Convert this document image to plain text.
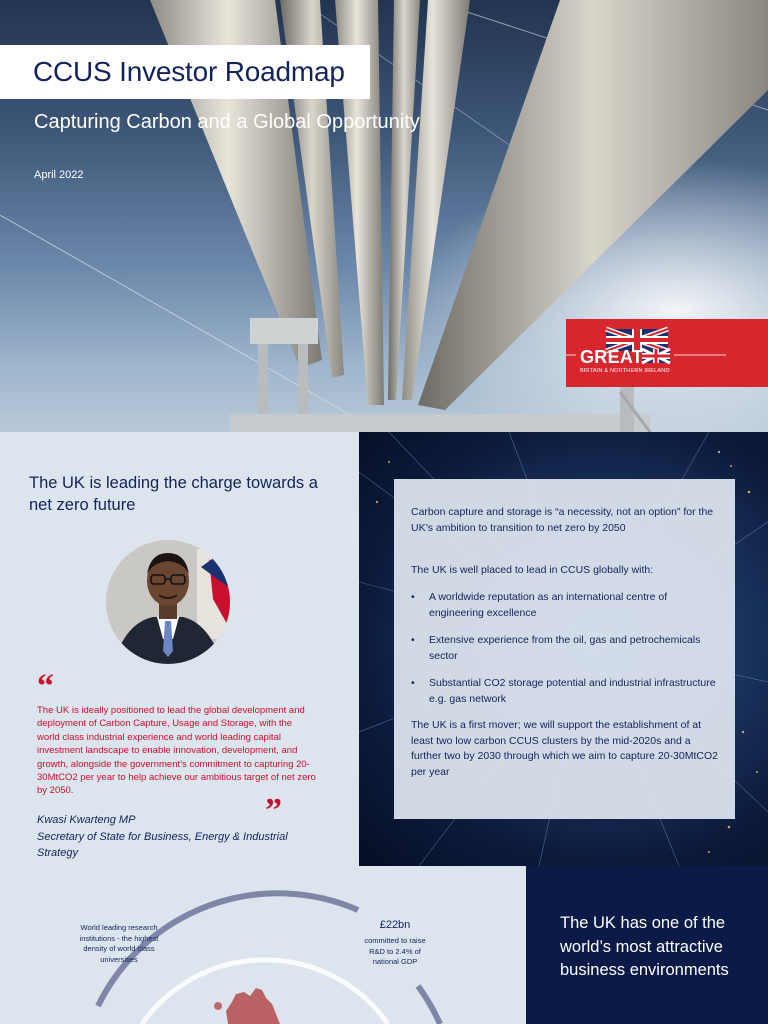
CCUS Investor Roadmap
Capturing Carbon and a Global Opportunity
April 2022
GREAT
BRITAIN & NORTHERN IRELAND
The UK is leading the charge towards a net zero future
“
The UK is ideally positioned to lead the global development and deployment of Carbon Capture, Usage and Storage, with the world class industrial experience and world leading capital investment landscape to enable innovation, development, and growth, alongside the government’s commitment to capturing 20-30MtCO2 per year to help achieve our ambitious target of net zero by 2050.
”
Kwasi Kwarteng MP
Secretary of State for Business, Energy & Industrial Strategy
Carbon capture and storage is “a necessity, not an option” for the UK’s ambition to transition to net zero by 2050
The UK is well placed to lead in CCUS globally with:
• A worldwide reputation as an international centre of engineering excellence
• Extensive experience from the oil, gas and petrochemicals sector
• Substantial CO2 storage potential and industrial infrastructure e.g. gas network
The UK is a first mover; we will support the establishment of at least two low carbon CCUS clusters by the mid-2020s and a further two by 2030 through which we aim to capture 20-30MtCO2 per year
World leading research institutions - the highest density of world class universities
£22bn
committed to raise R&D to 2.4% of national GDP
The UK has one of the world’s most attractive business environments
